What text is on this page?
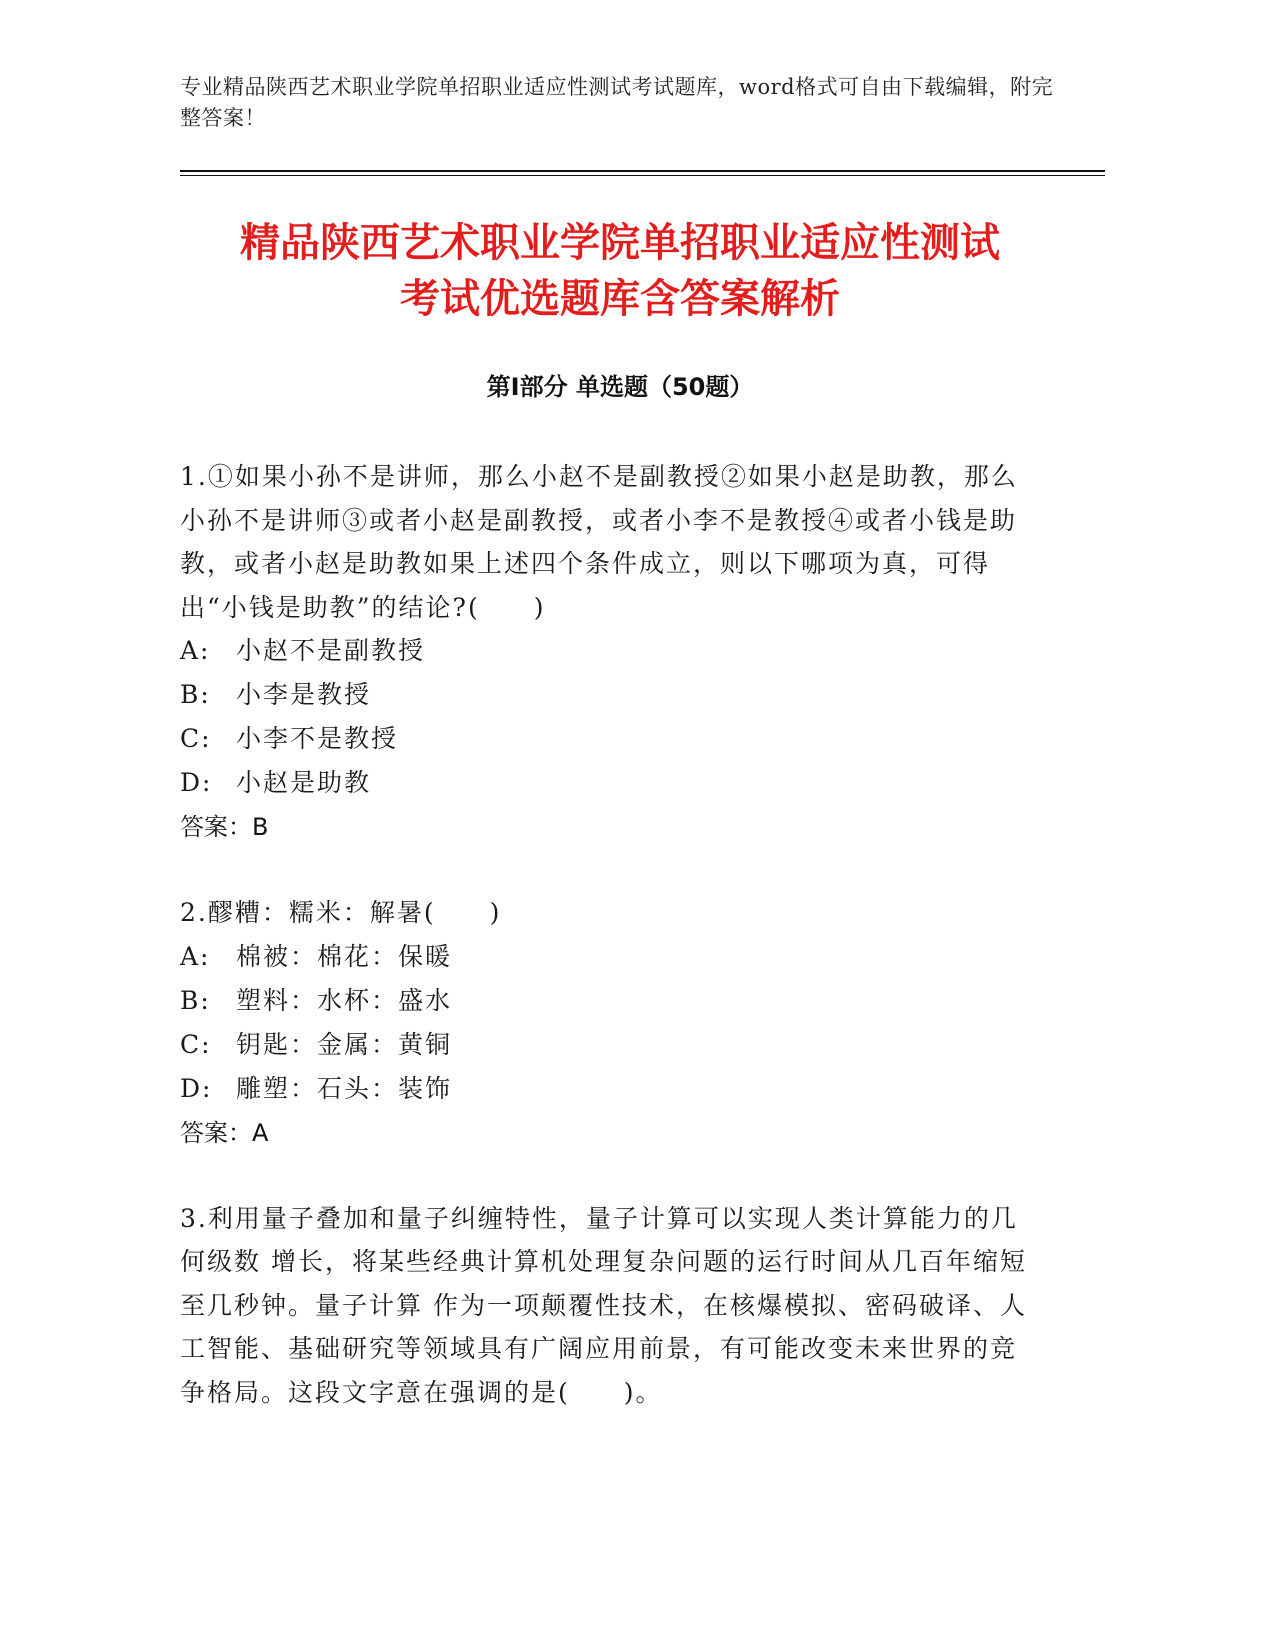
专业精品陕西艺术职业学院单招职业适应性测试考试题库，word格式可自由下载编辑，附完整答案！
精品陕西艺术职业学院单招职业适应性测试
考试优选题库含答案解析
第Ⅰ部分 单选题（50题）

1.①如果小孙不是讲师，那么小赵不是副教授②如果小赵是助教，那么小孙不是讲师③或者小赵是副教授，或者小李不是教授④或者小钱是助教，或者小赵是助教如果上述四个条件成立，则以下哪项为真，可得出“小钱是助教”的结论?(　　)

A:	小赵不是副教授
B:	小李是教授
C: 小李不是教授
D: 小赵是助教
答案：B

2.醪糟：糯米：解暑(　　)

A:	棉被：棉花：保暖
B:	塑料：水杯：盛水
C: 钥匙：金属：黄铜
D: 雕塑：石头：装饰
答案：A

3.利用量子叠加和量子纠缠特性，量子计算可以实现人类计算能力的几何级数 增长，将某些经典计算机处理复杂问题的运行时间从几百年缩短至几秒钟。量子计算 作为一项颠覆性技术，在核爆模拟、密码破译、人工智能、基础研究等领域具有广阔应用前景，有可能改变未来世界的竞争格局。这段文字意在强调的是(　　)。
